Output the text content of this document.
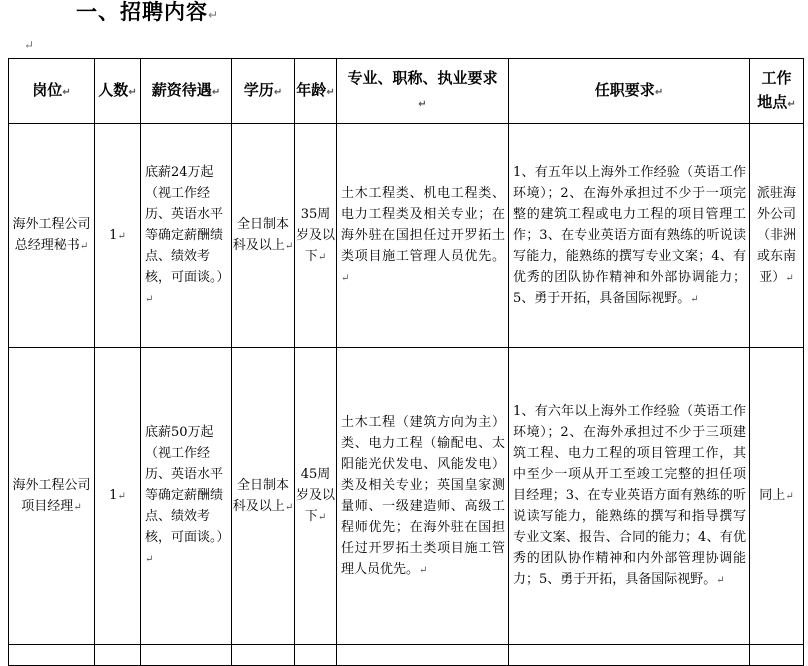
一、招聘内容↵
↵
岗位↵	人数↵	薪资待遇↵	学历↵	年龄↵	专业、职称、执业要求↵	任职要求↵	工作地点↵
海外工程公司总经理秘书↵	1↵	底薪24万起（视工作经历、英语水平等确定薪酬绩点、绩效考核，可面谈。）↵	全日制本科及以上↵	35周岁及以下↵	土木工程类、机电工程类、电力工程类及相关专业；在海外驻在国担任过开罗拓土类项目施工管理人员优先。↵	1、有五年以上海外工作经验（英语工作环境）；2、在海外承担过不少于一项完整的建筑工程或电力工程的项目管理工作；3、在专业英语方面有熟练的听说读写能力，能熟练的撰写专业文案；4、有优秀的团队协作精神和外部协调能力；5、勇于开拓，具备国际视野。↵	派驻海外公司（非洲或东南亚）↵
海外工程公司项目经理↵	1↵	底薪50万起（视工作经历、英语水平等确定薪酬绩点、绩效考核，可面谈。）↵	全日制本科及以上↵	45周岁及以下↵	土木工程（建筑方向为主）类、电力工程（输配电、太阳能光伏发电、风能发电）类及相关专业；英国皇家测量师、一级建造师、高级工程师优先；在海外驻在国担任过开罗拓土类项目施工管理人员优先。↵	1、有六年以上海外工作经验（英语工作环境）；2、在海外承担过不少于三项建筑工程、电力工程的项目管理工作，其中至少一项从开工至竣工完整的担任项目经理；3、在专业英语方面有熟练的听说读写能力，能熟练的撰写和指导撰写专业文案、报告、合同的能力；4、有优秀的团队协作精神和内外部管理协调能力；5、勇于开拓，具备国际视野。↵	同上↵
